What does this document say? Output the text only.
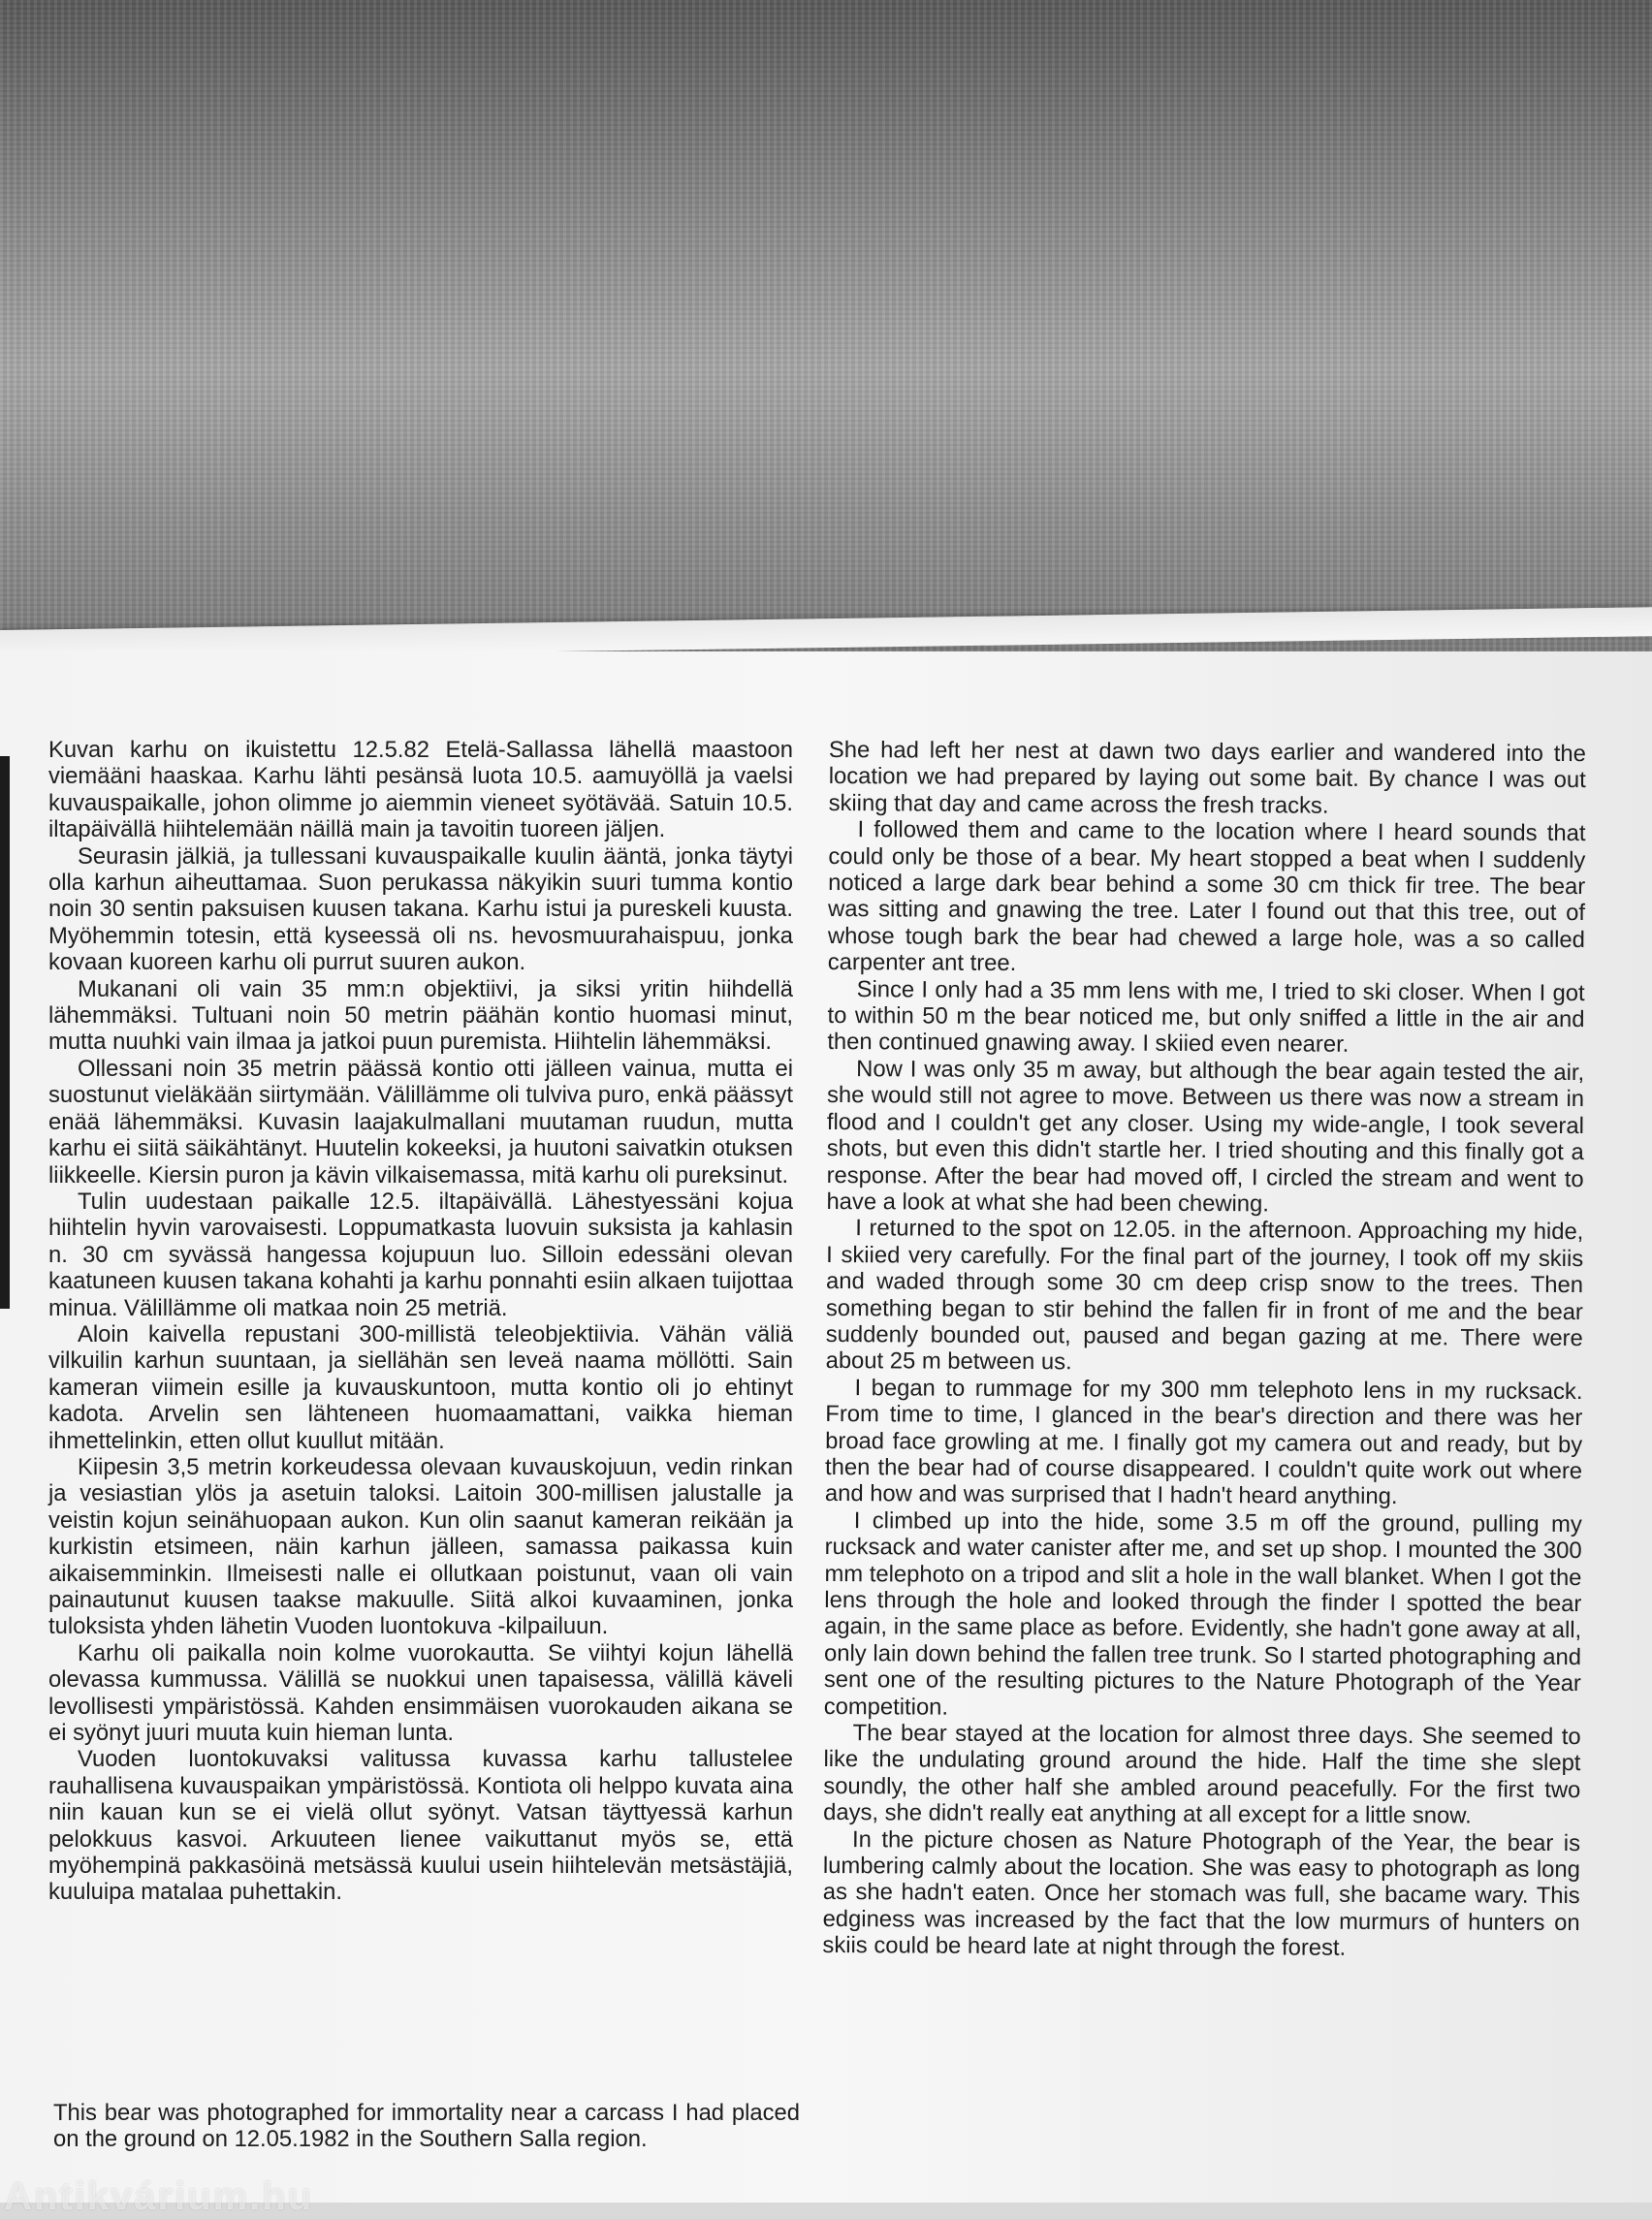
Kuvan karhu on ikuistettu 12.5.82 Etelä-Sallassa lähellä maastoon viemääni haaskaa. Karhu lähti pesänsä luota 10.5. aamuyöllä ja vaelsi kuvauspaikalle, johon olimme jo aiemmin vieneet syötävää. Satuin 10.5. iltapäivällä hiihtelemään näillä main ja tavoitin tuoreen jäljen.

Seurasin jälkiä, ja tullessani kuvauspaikalle kuulin ääntä, jonka täytyi olla karhun aiheuttamaa. Suon perukassa näkyikin suuri tumma kontio noin 30 sentin paksuisen kuusen takana. Karhu istui ja pureskeli kuusta. Myöhemmin totesin, että kyseessä oli ns. hevosmuurahaispuu, jonka kovaan kuoreen karhu oli purrut suuren aukon.

Mukanani oli vain 35 mm:n objektiivi, ja siksi yritin hiihdellä lähemmäksi. Tultuani noin 50 metrin päähän kontio huomasi minut, mutta nuuhki vain ilmaa ja jatkoi puun puremista. Hiihtelin lähemmäksi.

Ollessani noin 35 metrin päässä kontio otti jälleen vainua, mutta ei suostunut vieläkään siirtymään. Välillämme oli tulviva puro, enkä päässyt enää lähemmäksi. Kuvasin laajakulmallani muutaman ruudun, mutta karhu ei siitä säikähtänyt. Huutelin kokeeksi, ja huutoni saivatkin otuksen liikkeelle. Kiersin puron ja kävin vilkaisemassa, mitä karhu oli pureksinut.

Tulin uudestaan paikalle 12.5. iltapäivällä. Lähestyessäni kojua hiihtelin hyvin varovaisesti. Loppumatkasta luovuin suksista ja kahlasin n. 30 cm syvässä hangessa kojupuun luo. Silloin edessäni olevan kaatuneen kuusen takana kohahti ja karhu ponnahti esiin alkaen tuijottaa minua. Välillämme oli matkaa noin 25 metriä.

Aloin kaivella repustani 300-millistä teleobjektiivia. Vähän väliä vilkuilin karhun suuntaan, ja siellähän sen leveä naama möllötti. Sain kameran viimein esille ja kuvauskuntoon, mutta kontio oli jo ehtinyt kadota. Arvelin sen lähteneen huomaamattani, vaikka hieman ihmettelinkin, etten ollut kuullut mitään.

Kiipesin 3,5 metrin korkeudessa olevaan kuvauskojuun, vedin rinkan ja vesiastian ylös ja asetuin taloksi. Laitoin 300-millisen jalustalle ja veistin kojun seinähuopaan aukon. Kun olin saanut kameran reikään ja kurkistin etsimeen, näin karhun jälleen, samassa paikassa kuin aikaisemminkin. Ilmeisesti nalle ei ollutkaan poistunut, vaan oli vain painautunut kuusen taakse makuulle. Siitä alkoi kuvaaminen, jonka tuloksista yhden lähetin Vuoden luontokuva -kilpailuun.

Karhu oli paikalla noin kolme vuorokautta. Se viihtyi kojun lähellä olevassa kummussa. Välillä se nuokkui unen tapaisessa, välillä käveli levollisesti ympäristössä. Kahden ensimmäisen vuorokauden aikana se ei syönyt juuri muuta kuin hieman lunta.

Vuoden luontokuvaksi valitussa kuvassa karhu tallustelee rauhallisena kuvauspaikan ympäristössä. Kontiota oli helppo kuvata aina niin kauan kun se ei vielä ollut syönyt. Vatsan täyttyessä karhun pelokkuus kasvoi. Arkuuteen lienee vaikuttanut myös se, että myöhempinä pakkasöinä metsässä kuului usein hiihtelevän metsästäjiä, kuuluipa matalaa puhettakin.

This bear was photographed for immortality near a carcass I had placed on the ground on 12.05.1982 in the Southern Salla region.

She had left her nest at dawn two days earlier and wandered into the location we had prepared by laying out some bait. By chance I was out skiing that day and came across the fresh tracks.

I followed them and came to the location where I heard sounds that could only be those of a bear. My heart stopped a beat when I suddenly noticed a large dark bear behind a some 30 cm thick fir tree. The bear was sitting and gnawing the tree. Later I found out that this tree, out of whose tough bark the bear had chewed a large hole, was a so called carpenter ant tree.

Since I only had a 35 mm lens with me, I tried to ski closer. When I got to within 50 m the bear noticed me, but only sniffed a little in the air and then continued gnawing away. I skiied even nearer.

Now I was only 35 m away, but although the bear again tested the air, she would still not agree to move. Between us there was now a stream in flood and I couldn't get any closer. Using my wide-angle, I took several shots, but even this didn't startle her. I tried shouting and this finally got a response. After the bear had moved off, I circled the stream and went to have a look at what she had been chewing.

I returned to the spot on 12.05. in the afternoon. Approaching my hide, I skiied very carefully. For the final part of the journey, I took off my skiis and waded through some 30 cm deep crisp snow to the trees. Then something began to stir behind the fallen fir in front of me and the bear suddenly bounded out, paused and began gazing at me. There were about 25 m between us.

I began to rummage for my 300 mm telephoto lens in my rucksack. From time to time, I glanced in the bear's direction and there was her broad face growling at me. I finally got my camera out and ready, but by then the bear had of course disappeared. I couldn't quite work out where and how and was surprised that I hadn't heard anything.

I climbed up into the hide, some 3.5 m off the ground, pulling my rucksack and water canister after me, and set up shop. I mounted the 300 mm telephoto on a tripod and slit a hole in the wall blanket. When I got the lens through the hole and looked through the finder I spotted the bear again, in the same place as before. Evidently, she hadn't gone away at all, only lain down behind the fallen tree trunk. So I started photographing and sent one of the resulting pictures to the Nature Photograph of the Year competition.

The bear stayed at the location for almost three days. She seemed to like the undulating ground around the hide. Half the time she slept soundly, the other half she ambled around peacefully. For the first two days, she didn't really eat anything at all except for a little snow.

In the picture chosen as Nature Photograph of the Year, the bear is lumbering calmly about the location. She was easy to photograph as long as she hadn't eaten. Once her stomach was full, she bacame wary. This edginess was increased by the fact that the low murmurs of hunters on skiis could be heard late at night through the forest.

Antikvárium.hu
